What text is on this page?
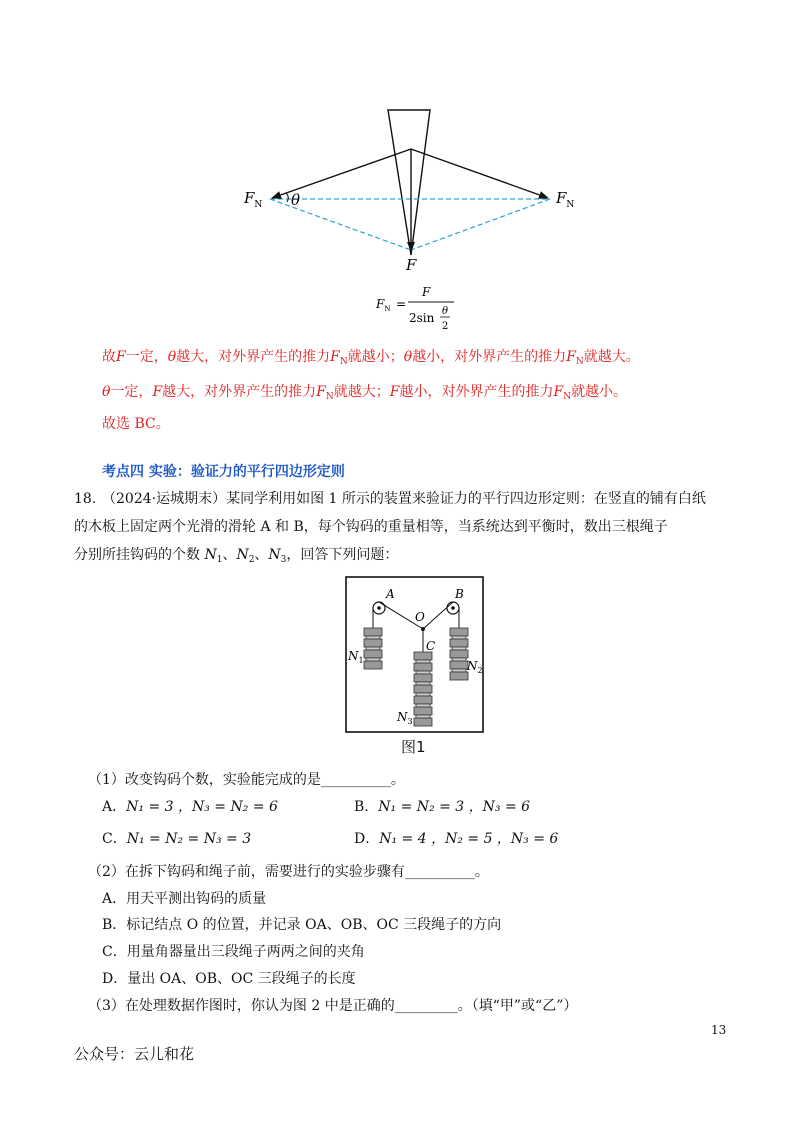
$F_N$ θ	$F_N$
F
$F_N$ =
F
2sin θ
2
故F一定，θ越大，对外界产生的推力$F_N$就越小；θ越小，对外界产生的推力$F_N$就越大。
θ一定，F越大，对外界产生的推力$F_N$就越大；F越小，对外界产生的推力$F_N$就越小。
故选 BC。
考点四 实验：验证力的平行四边形定则
18. （2024·运城期末）某同学利用如图 1 所示的装置来验证力的平行四边形定则：在竖直的铺有白纸
的木板上固定两个光滑的滑轮 A 和 B，每个钩码的重量相等，当系统达到平衡时，数出三根绳子
分别所挂钩码的个数 $N_1$、$N_2$、$N_3$，回答下列问题：
A	B
O
C
$N_1$	$N_2$
$N_3$
图1
（1）改变钩码个数，实验能完成的是__________。
A．N₁ = 3 ，N₃ = N₂ = 6	B．N₁ = N₂ = 3 ，N₃ = 6
C．N₁ = N₂ = N₃ = 3	D．N₁ = 4 ，N₂ = 5 ，N₃ = 6
（2）在拆下钩码和绳子前，需要进行的实验步骤有__________。
A．用天平测出钩码的质量
B．标记结点 O 的位置，并记录 OA、OB、OC 三段绳子的方向
C．用量角器量出三段绳子两两之间的夹角
D．量出 OA、OB、OC 三段绳子的长度
（3）在处理数据作图时，你认为图 2 中是正确的_________。（填“甲”或“乙”）
13
公众号：云儿和花
